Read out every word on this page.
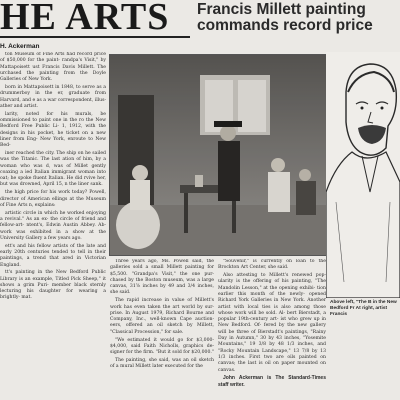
HE ARTS	Francis Millett painting commands record price
H. Ackerman

ton Museum of Fine Arts had record price of $50,000 for the paint- randpa's Visit," by Mattapoisett ust Francis Davis Millett. The urchased the painting from the Doyle Galleries of New York.

born in Mattapoisett in 1848, to serve as a drummerboy in the er, graduate from Harvard, and e as a war correspondent, illus- ather and artist.

larity, noted for his murals, be ommissioned to paint one in the ro the New Bedford Free Public Li- 1, 1912, with the designs in his pocket, he ticket on a new liner from Eng- New York, enroute to New Bed-

iner reached the city. The ship on he sailed was the Titanic. The last ation of him, by a woman who was d, was of Millet gently coaxing a ied Italian immigrant woman into oat; he spoke fluent Italian. He did rvive her, but was drowned, April 15, n the liner sank.

the high price for his work today? Powell, director of American ellings at the Museum of Fine Arts n, explains:

artistic circle in which he worked enjoying a revival." As an ex- the circle of friend and fellow-art- ntent's, Edwin Austin Abbey. Ab- work was exhibited in a show at the University Gallery a few years ago.

ett's and his fellow artists of the late and early 20th centuries tended to tell in their paintings, a trend that ared in Victorian England.

tt's painting in the New Bedford Public Library is an example, Titled Pick Sheep," it shows a grim Puri- member black sternly lecturing his daughter for wearing a brightly- mat.

Above left, "The B in the New Bedford Fr At right, artist Francis

Three years ago, Ms. Powell said, the galleries sold a small Millett painting for $5,500. "Grandpa's Visit," the one pur- chased by the Boston museum, was a large canvas, 31⅝ inches by 49 and 3/4 inches, she said.

The rapid increase in value of Millett's work has even taken the art world by sur- prise. In August 1979, Richard Bourne and Company, Inc., well-known Cape auction- eers, offered an oil sketch by Millett, "Classical Procession," for sale.

"We estimated it would go for $3,000- $4,000, said Faith Nicholls, graphics de- signer for the firm. "But it sold for $20,000."

The painting, she said, was an oil sketch of a mural Millett later executed for the

"Souvenir," is currently on loan to the Brockton Art Center, she said.

Also attesting to Millett's renewed pop- ularity is the offering of his painting, "The Mandolin Lesson," at the opening exhibi- tion earlier this month of the newly- opened Richard York Galleries in New York. Another artist with local ties is also among those whose work will be sold. Al- bert Bierstadt, a popular 19th-century art- ist who grew up in New Bedford. Of- fered by the new gallery will be three of Bierstadt's paintings, "Rainy Day in Autumn," 30 by 43 inches, "Yosemite Mountains," 19 3/8 by 48 1/3 inches, and "Rocky Mountain Landscape," 13 7/8 by 13 1/3 inches. First two are oils painted on canvas; the last is oil on paper mounted on canvas.

John Ackerman is The Standard-Times staff writer.
